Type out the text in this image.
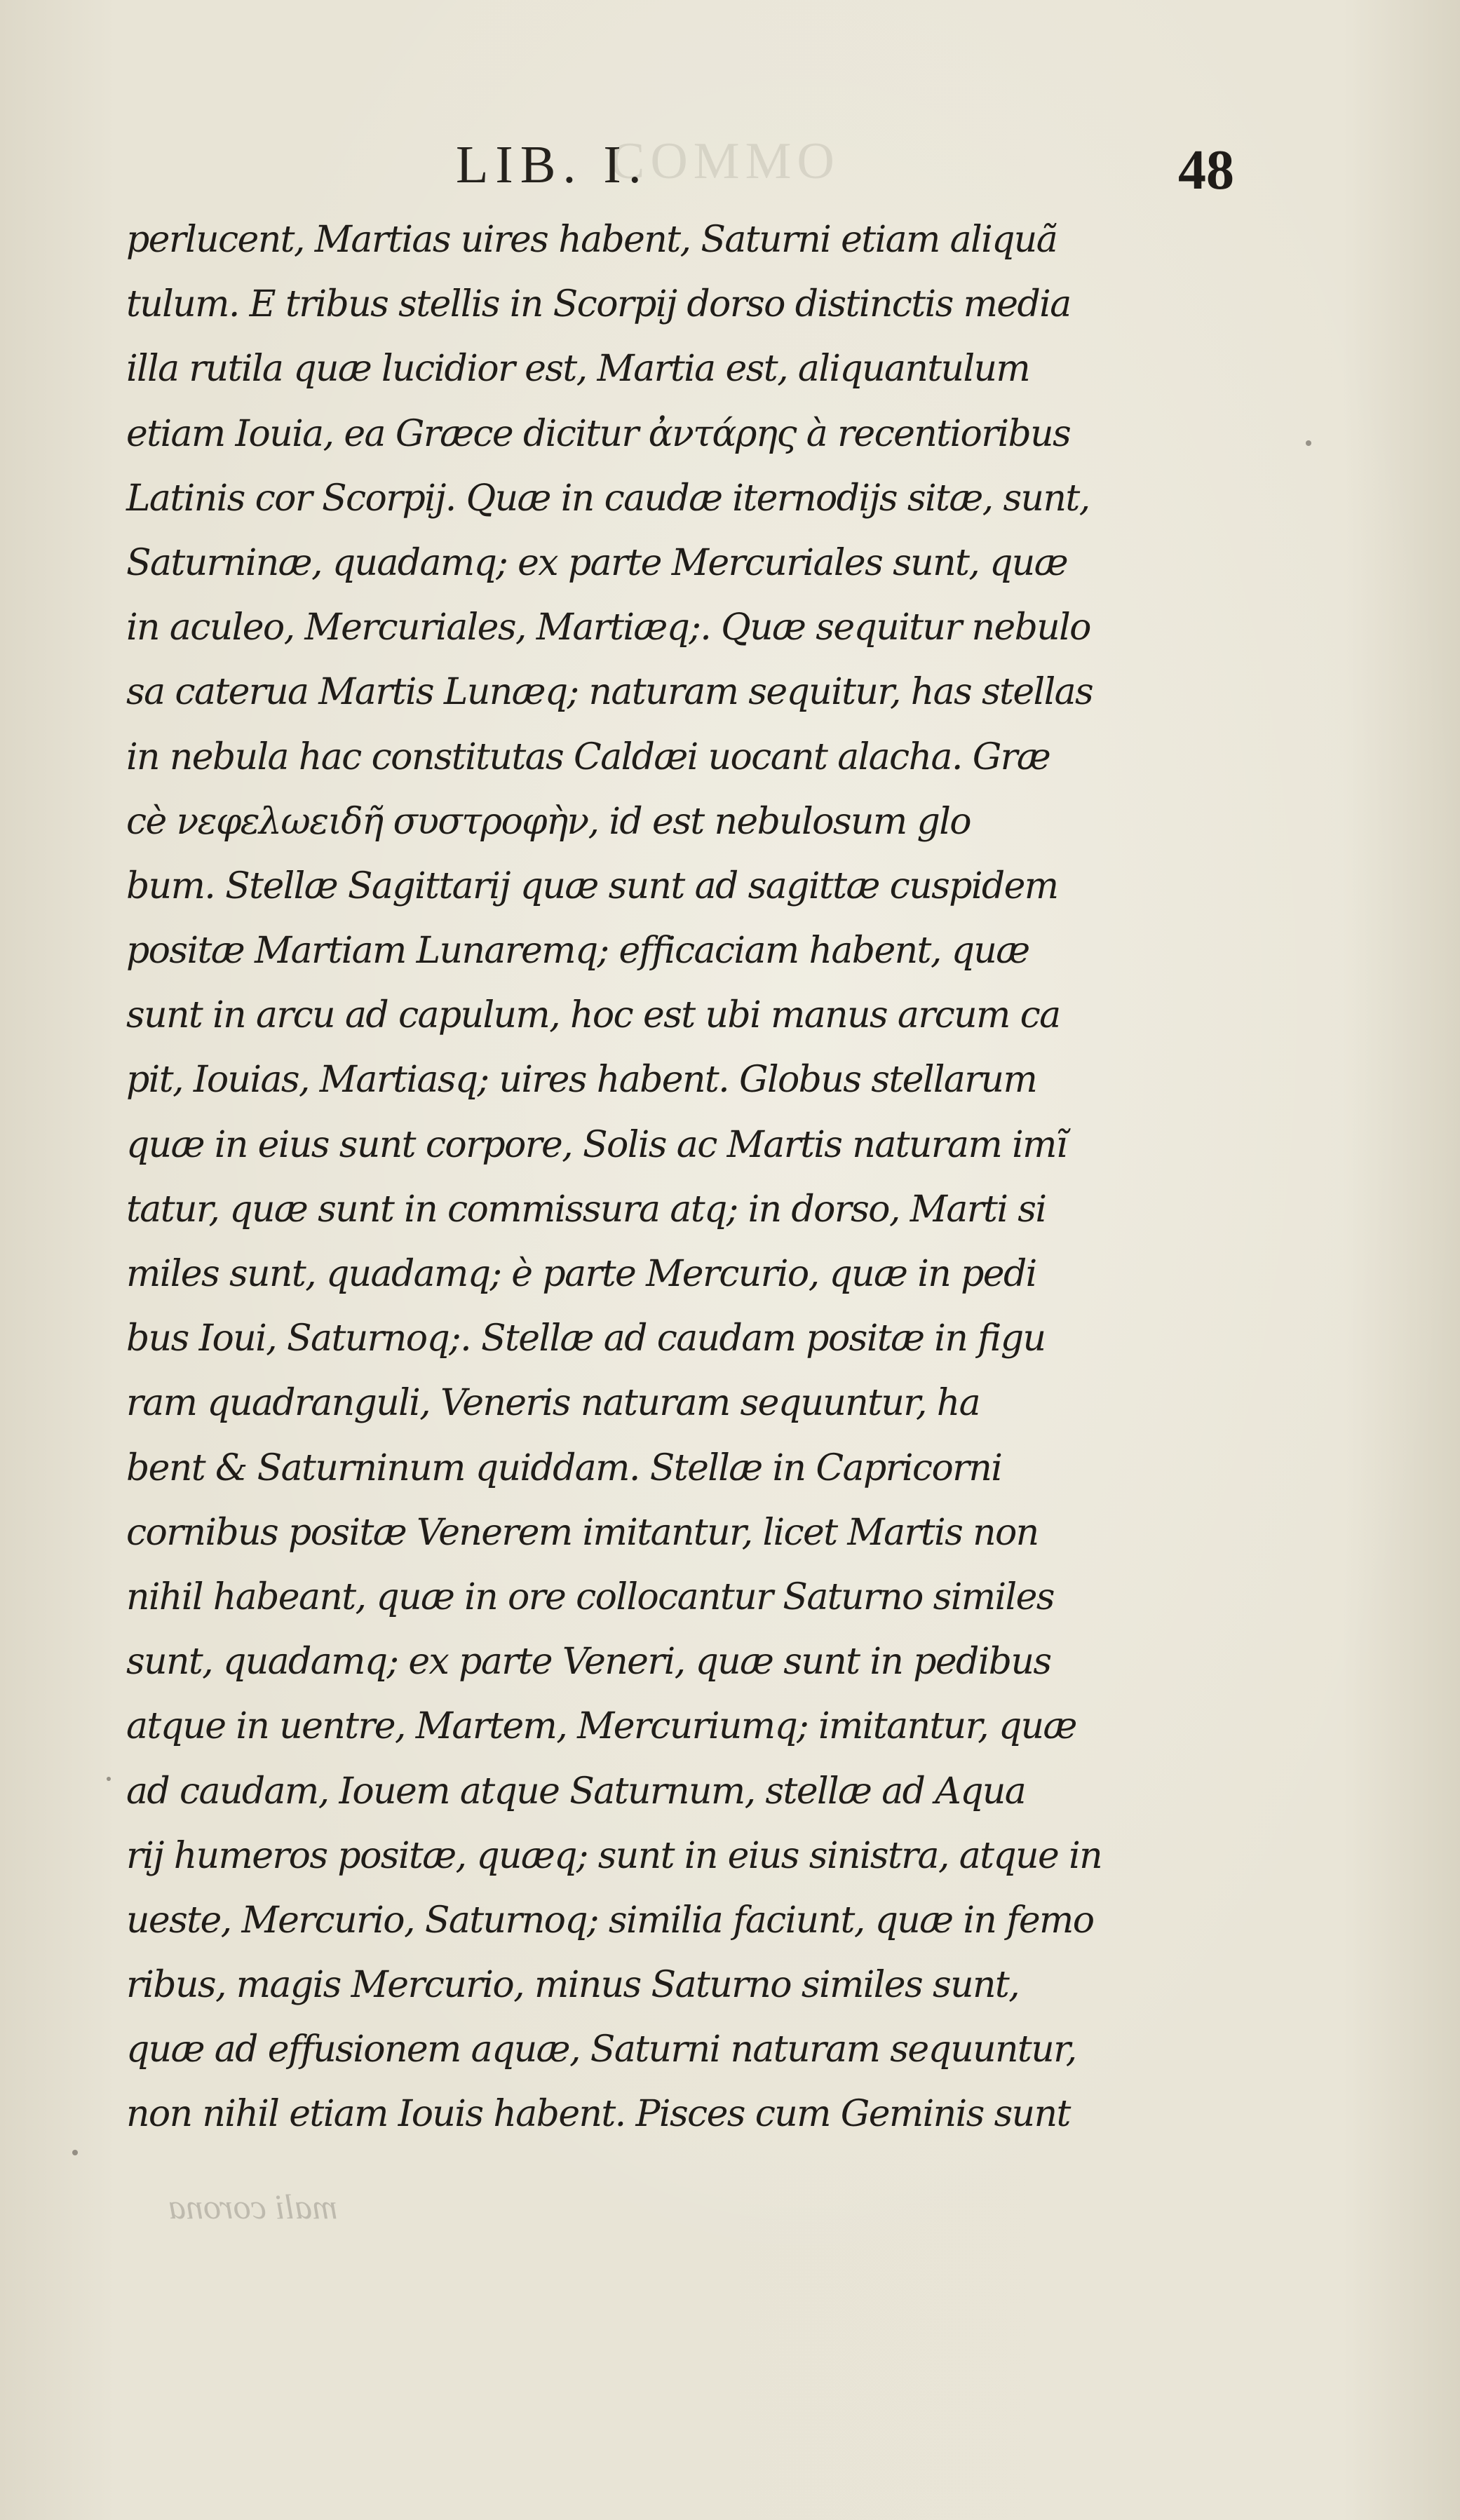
COMMO
LIB. I.	48
perlucent, Martias uires habent, Saturni etiam aliquã
tulum. E tribus stellis in Scorpij dorso distinctis media
illa rutila quæ lucidior est, Martia est, aliquantulum
etiam Iouia, ea Græce dicitur ἀντάρης à recentioribus
Latinis cor Scorpij. Quæ in caudæ iternodijs sitæ, sunt,
Saturninæ, quadamq; ex parte Mercuriales sunt, quæ
in aculeo, Mercuriales, Martiæq;. Quæ sequitur nebulo
sa caterua Martis Lunæq; naturam sequitur, has stellas
in nebula hac constitutas Caldæi uocant alacha. Græ
cè νεφελωειδῆ συστροφὴν, id est nebulosum glo
bum. Stellæ Sagittarij quæ sunt ad sagittæ cuspidem
positæ Martiam Lunaremq; efficaciam habent, quæ
sunt in arcu ad capulum, hoc est ubi manus arcum ca
pit, Iouias, Martiasq; uires habent. Globus stellarum
quæ in eius sunt corpore, Solis ac Martis naturam imĩ
tatur, quæ sunt in commissura atq; in dorso, Marti si
miles sunt, quadamq; è parte Mercurio, quæ in pedi
bus Ioui, Saturnoq;. Stellæ ad caudam positæ in figu
ram quadranguli, Veneris naturam sequuntur, ha
bent & Saturninum quiddam. Stellæ in Capricorni
cornibus positæ Venerem imitantur, licet Martis non
nihil habeant, quæ in ore collocantur Saturno similes
sunt, quadamq; ex parte Veneri, quæ sunt in pedibus
atque in uentre, Martem, Mercuriumq; imitantur, quæ
ad caudam, Iouem atque Saturnum, stellæ ad Aqua
rij humeros positæ, quæq; sunt in eius sinistra, atque in
ueste, Mercurio, Saturnoq; similia faciunt, quæ in femo
ribus, magis Mercurio, minus Saturno similes sunt,
quæ ad effusionem aquæ, Saturni naturam sequuntur,
non nihil etiam Iouis habent. Pisces cum Geminis sunt
mali corona
